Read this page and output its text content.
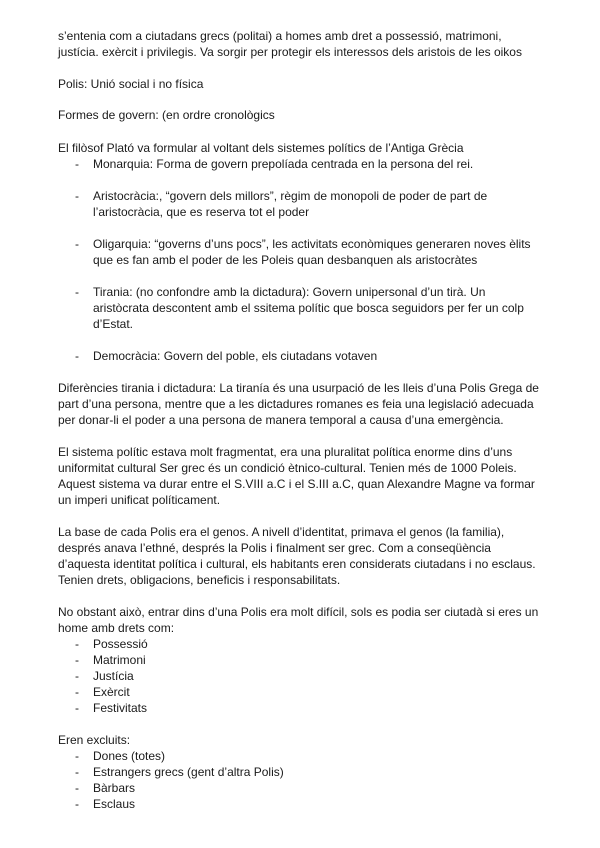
s’entenia com a ciutadans grecs (politai) a homes amb dret a possessió, matrimoni,
justícia. exèrcit i privilegis. Va sorgir per protegir els interessos dels aristois de les oikos

Polis: Unió social i no física

Formes de govern: (en ordre cronològics

El filòsof Plató va formular al voltant dels sistemes polítics de l’Antiga Grècia

- Monarquia: Forma de govern prepolíada centrada en la persona del rei.
- Aristocràcia:, “govern dels millors”, règim de monopoli de poder de part de
l’aristocràcia, que es reserva tot el poder
- Oligarquia: “governs d’uns pocs”, les activitats econòmiques generaren noves èlits
que es fan amb el poder de les Poleis quan desbanquen als aristocràtes
- Tirania: (no confondre amb la dictadura): Govern unipersonal d’un tirà. Un
aristòcrata descontent amb el ssitema polític que bosca seguidors per fer un colp
d’Estat.
- Democràcia: Govern del poble, els ciutadans votaven

Diferències tirania i dictadura: La tiranía és una usurpació de les lleis d’una Polis Grega de
part d’una persona, mentre que a les dictadures romanes es feia una legislació adecuada
per donar-li el poder a una persona de manera temporal a causa d’una emergència.

El sistema polític estava molt fragmentat, era una pluralitat política enorme dins d’uns
uniformitat cultural Ser grec és un condició ètnico-cultural. Tenien més de 1000 Poleis.
Aquest sistema va durar entre el S.VIII a.C i el S.III a.C, quan Alexandre Magne va formar
un imperi unificat políticament.

La base de cada Polis era el genos. A nivell d’identitat, primava el genos (la familia),
després anava l’ethné, després la Polis i finalment ser grec. Com a conseqüència
d’aquesta identitat política i cultural, els habitants eren considerats ciutadans i no esclaus.
Tenien drets, obligacions, beneficis i responsabilitats.

No obstant això, entrar dins d’una Polis era molt difícil, sols es podia ser ciutadà si eres un
home amb drets com:

- Possessió
- Matrimoni
- Justícia
- Exèrcit
- Festivitats

Eren excluits:

- Dones (totes)
- Estrangers grecs (gent d’altra Polis)
- Bàrbars
- Esclaus
